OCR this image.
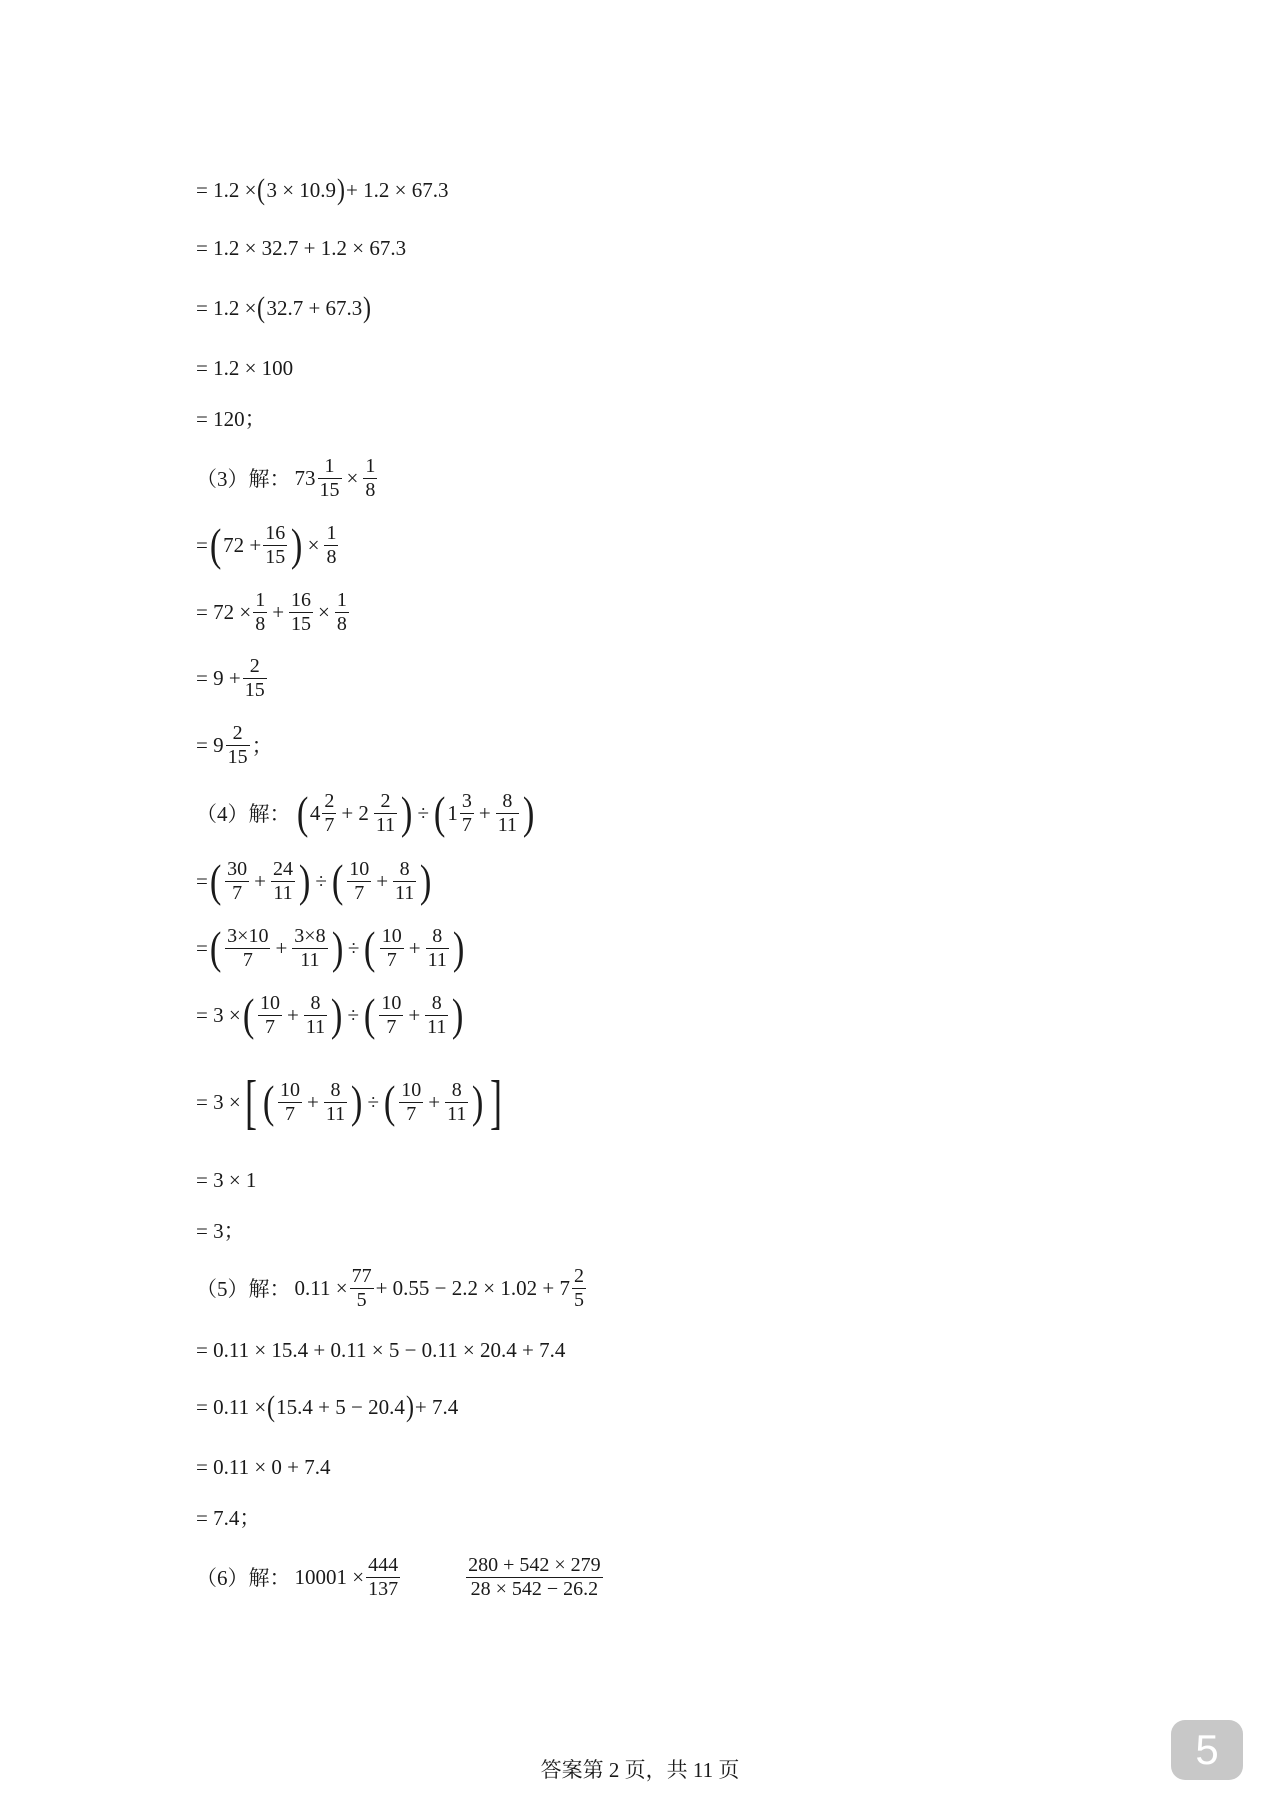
= 1.2 × ( 3 × 10.9 ) + 1.2 × 67.3
= 1.2 × 32.7 + 1.2 × 67.3
= 1.2 × ( 32.7 + 67.3 )
= 1.2 × 100
= 120；
（3）解： $73 \frac{1}{15} \times \frac{1}{8}$
= ( $72 + \frac{16}{15}$ ) × $\frac{1}{8}$
= $72 \times \frac{1}{8} + \frac{16}{15} \times \frac{1}{8}$
= $9 + \frac{2}{15}$
= $9 \frac{2}{15}$ ；
（4）解： ( $4 \frac{2}{7} + 2 \frac{2}{11}$ ) ÷ ( $1 \frac{3}{7} + \frac{8}{11}$ )
= ( $\frac{30}{7} + \frac{24}{11}$ ) ÷ ( $\frac{10}{7} + \frac{8}{11}$ )
= ( $\frac{3\times 10}{7} + \frac{3\times 8}{11}$ ) ÷ ( $\frac{10}{7} + \frac{8}{11}$ )
= 3 × ( $\frac{10}{7} + \frac{8}{11}$ ) ÷ ( $\frac{10}{7} + \frac{8}{11}$ )
= 3 × [ ( $\frac{10}{7} + \frac{8}{11}$ ) ÷ ( $\frac{10}{7} + \frac{8}{11}$ ) ]
= 3 × 1
= 3；
（5）解： $0.11 \times \frac{77}{5} + 0.55 - 2.2 \times 1.02 + 7 \frac{2}{5}$
= 0.11 × 15.4 + 0.11 × 5 − 0.11 × 20.4 + 7.4
= 0.11 × ( 15.4 + 5 − 20.4 ) + 7.4
= 0.11 × 0 + 7.4
= 7.4；
（6）解： $10001 \times \frac{444}{137}$	$\frac{280 + 542 \times 279}{28 \times 542 - 26.2}$
答案第 2 页，共 11 页	5
